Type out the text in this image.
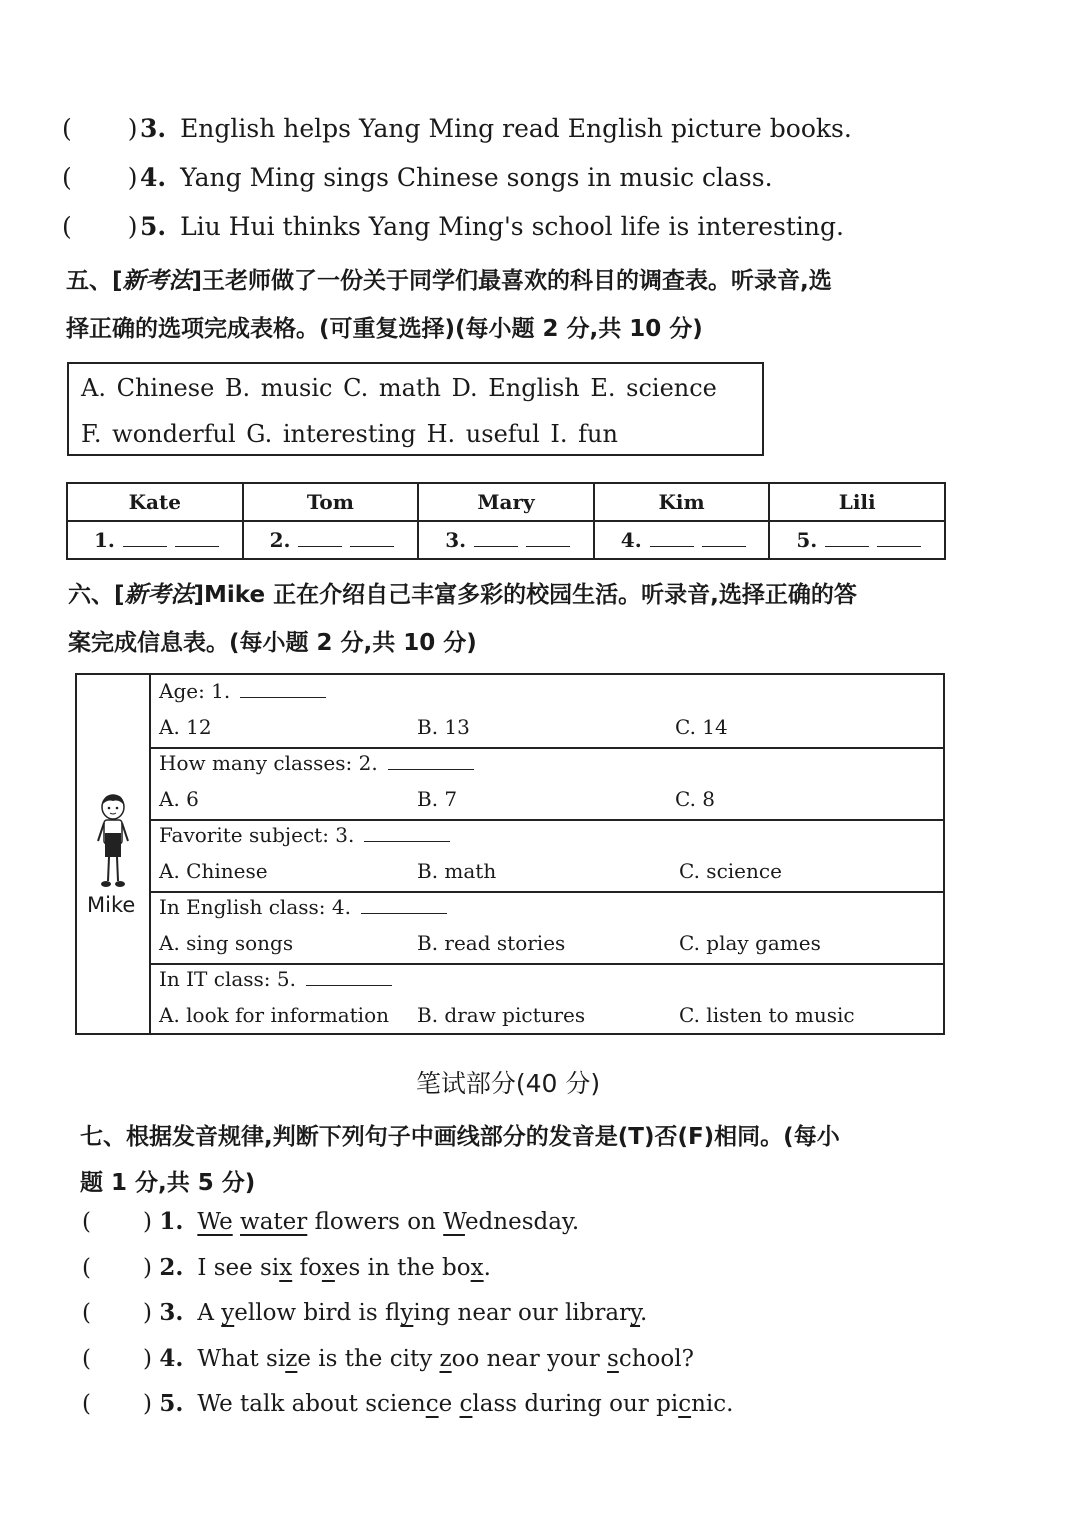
( ) 3. English helps Yang Ming read English picture books.
( ) 4. Yang Ming sings Chinese songs in music class.
( ) 5. Liu Hui thinks Yang Ming's school life is interesting.
五、[新考法]王老师做了一份关于同学们最喜欢的科目的调查表。听录音,选
择正确的选项完成表格。(可重复选择)(每小题 2 分,共 10 分)
A. Chinese B. music C. math D. English E. science
F. wonderful G. interesting H. useful I. fun
Kate	Tom	Mary	Kim	Lili
1.	2.	3.	4.	5.
六、[新考法]Mike 正在介绍自己丰富多彩的校园生活。听录音,选择正确的答
案完成信息表。(每小题 2 分,共 10 分)
Mike
Age: 1.
A. 12	B. 13	C. 14
How many classes: 2.
A. 6	B. 7	C. 8
Favorite subject: 3.
A. Chinese	B. math	C. science
In English class: 4.
A. sing songs	B. read stories	C. play games
In IT class: 5.
A. look for information B. draw pictures	C. listen to music
笔试部分(40 分)
七、根据发音规律,判断下列句子中画线部分的发音是(T)否(F)相同。(每小
题 1 分,共 5 分)
( ) 1. We water flowers on Wednesday.
( ) 2. I see six foxes in the box.
( ) 3. A yellow bird is flying near our library.
( ) 4. What size is the city zoo near your school?
( ) 5. We talk about science class during our picnic.
